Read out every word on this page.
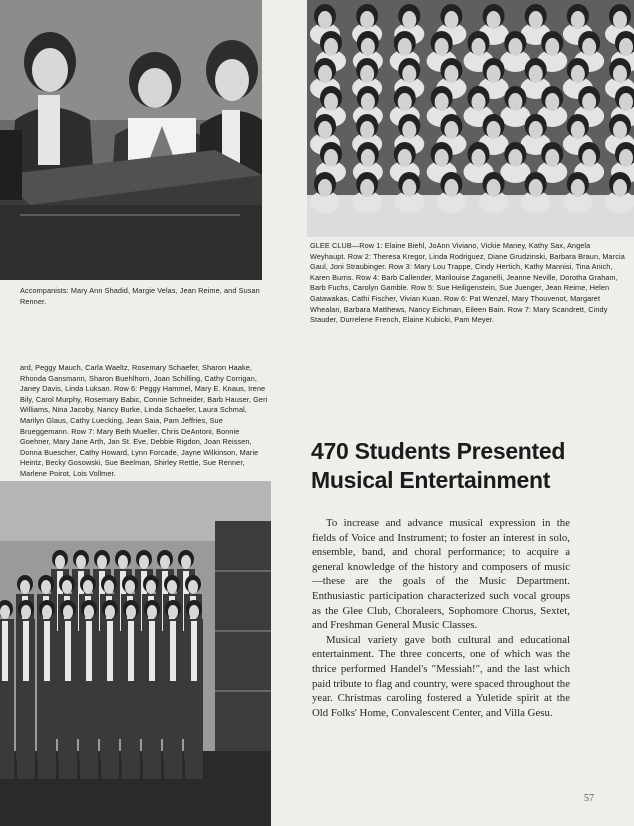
Accompanists: Mary Ann Shadid, Margie Velas, Jean Reime, and Susan Renner.
GLEE CLUB—Row 1: Elaine Biehl, JoAnn Viviano, Vickie Maney, Kathy Sax, Angela Weyhaupt. Row 2: Theresa Kregor, Linda Rodriguez, Diane Grudzinski, Barbara Braun, Marcia Gaul, Joni Straubinger. Row 3: Mary Lou Trappe, Cindy Hertich, Kathy Mannisi, Tina Anich, Karen Burns. Row 4: Barb Callender, Marilouise Zaganelli, Jeanne Neville, Dorotha Graham, Barb Fuchs, Carolyn Gamble. Row 5: Sue Heiligenstein, Sue Juenger, Jean Reime, Helen Gatawakas, Cathi Fischer, Vivian Kuan. Row 6: Pat Wenzel, Mary Thouvenot, Margaret Whealan, Barbara Matthews, Nancy Eichman, Eileen Bain. Row 7: Mary Scandrett, Cindy Stauder, Durrelene French, Elaine Kubicki, Pam Meyer.
ard, Peggy Mauch, Carla Waeltz, Rosemary Schaefer, Sharon Haake, Rhonda Gansmann, Sharon Buehlhorn, Joan Schilling, Cathy Corrigan, Janey Davis, Linda Luksan. Row 6: Peggy Hammel, Mary E. Knaus, Irene Bily, Carol Murphy, Rosemary Babic, Connie Schneider, Barb Hauser, Geri Williams, Nina Jacoby, Nancy Burke, Linda Schaefer, Laura Schmal, Marilyn Glaus, Cathy Luecking, Jean Saia, Pam Jeffries, Sue Brueggemann. Row 7: Mary Beth Mueller, Chris DeAntoni, Bonnie Goehner, Mary Jane Arth, Jan St. Eve, Debbie Rigdon, Joan Reissen, Donna Buescher, Cathy Howard, Lynn Forcade, Jayne Wilkinson, Marie Heintz, Becky Gosowski, Sue Beelman, Shirley Rettle, Sue Renner, Marlene Poirot, Lois Vollmer.
470 Students Presented
Musical Entertainment

To increase and advance musical expression in the fields of Voice and Instrument; to foster an interest in solo, ensemble, band, and choral performance; to acquire a general knowledge of the history and composers of music—these are the goals of the Music Department. Enthusiastic participation characterized such vocal groups as the Glee Club, Choraleers, Sophomore Chorus, Sextet, and Freshman General Music Classes.

Musical variety gave both cultural and educational entertainment. The three concerts, one of which was the thrice performed Handel's "Messiah!", and the last which paid tribute to flag and country, were spaced throughout the year. Christmas caroling fostered a Yuletide spirit at the Old Folks' Home, Convalescent Center, and Villa Gesu.

57
